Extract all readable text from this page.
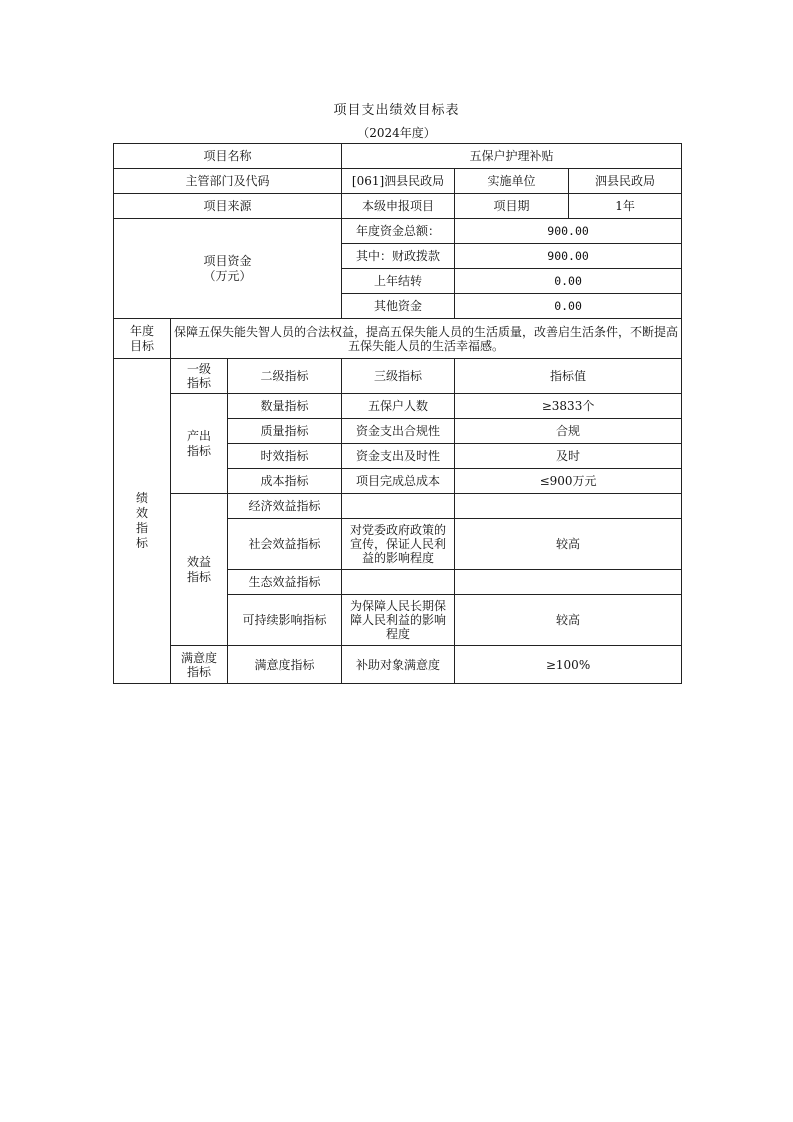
项目支出绩效目标表
（2024年度）
项目名称			五保户护理补贴		
主管部门及代码			[061]泗县民政局	实施单位	泗县民政局
项目来源			本级申报项目	项目期	1年

项目资金（万元）			年度资金总额：	900.00	
			其中：财政拨款	900.00	
			上年结转	0.00	
			其他资金	0.00	

年度目标	保障五保失能失智人员的合法权益，提高五保失能人员的生活质量，改善启生活条件，不断提高五保失能人员的生活幸福感。				

绩效指标	一级指标	二级指标	三级指标	指标值	

	产出指标	数量指标	五保户人数	≥3833个	
		质量指标	资金支出合规性	合规	
		时效指标	资金支出及时性	及时	
		成本指标	项目完成总成本	≤900万元	

	效益指标	经济效益指标			
		社会效益指标	对党委政府政策的宣传，保证人民利益的影响程度	较高	
		生态效益指标			
		可持续影响指标	为保障人民长期保障人民利益的影响程度	较高	

	满意度指标	满意度指标	补助对象满意度	≥100%	
